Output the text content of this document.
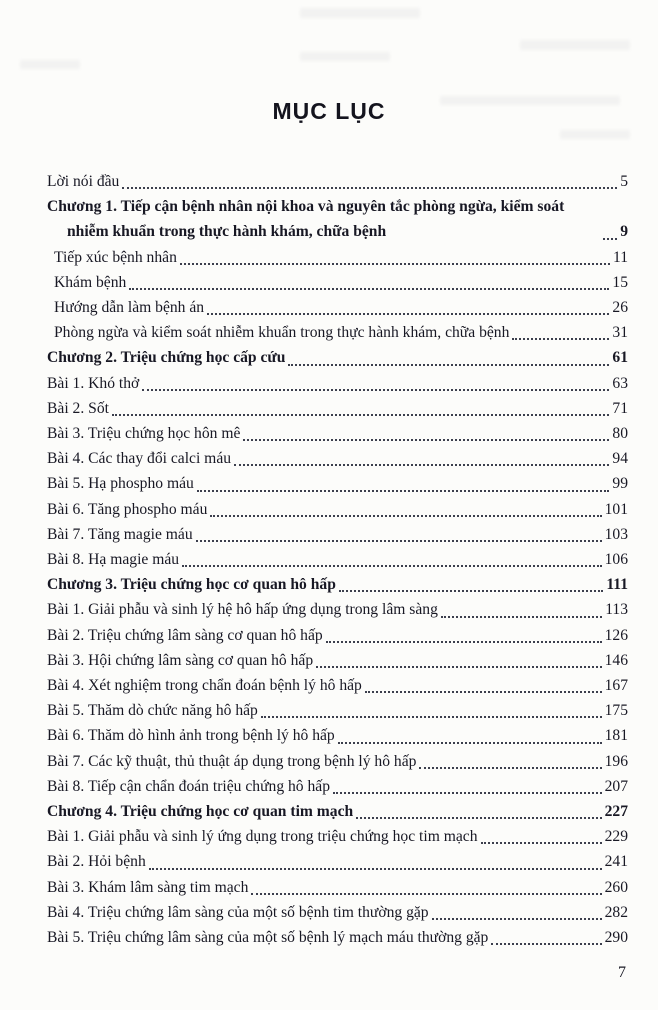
MỤC LỤC
Lời nói đầu	5
Chương 1. Tiếp cận bệnh nhân nội khoa và nguyên tắc phòng ngừa, kiểm soát nhiễm khuẩn trong thực hành khám, chữa bệnh	9
Tiếp xúc bệnh nhân	11
Khám bệnh	15
Hướng dẫn làm bệnh án	26
Phòng ngừa và kiểm soát nhiễm khuẩn trong thực hành khám, chữa bệnh	31
Chương 2. Triệu chứng học cấp cứu	61
Bài 1. Khó thở	63
Bài 2. Sốt	71
Bài 3. Triệu chứng học hôn mê	80
Bài 4. Các thay đổi calci máu	94
Bài 5. Hạ phospho máu	99
Bài 6. Tăng phospho máu	101
Bài 7. Tăng magie máu	103
Bài 8. Hạ magie máu	106
Chương 3. Triệu chứng học cơ quan hô hấp	111
Bài 1. Giải phẫu và sinh lý hệ hô hấp ứng dụng trong lâm sàng	113
Bài 2. Triệu chứng lâm sàng cơ quan hô hấp	126
Bài 3. Hội chứng lâm sàng cơ quan hô hấp	146
Bài 4. Xét nghiệm trong chẩn đoán bệnh lý hô hấp	167
Bài 5. Thăm dò chức năng hô hấp	175
Bài 6. Thăm dò hình ảnh trong bệnh lý hô hấp	181
Bài 7. Các kỹ thuật, thủ thuật áp dụng trong bệnh lý hô hấp	196
Bài 8. Tiếp cận chẩn đoán triệu chứng hô hấp	207
Chương 4. Triệu chứng học cơ quan tim mạch	227
Bài 1. Giải phẫu và sinh lý ứng dụng trong triệu chứng học tim mạch	229
Bài 2. Hỏi bệnh	241
Bài 3. Khám lâm sàng tim mạch	260
Bài 4. Triệu chứng lâm sàng của một số bệnh tim thường gặp	282
Bài 5. Triệu chứng lâm sàng của một số bệnh lý mạch máu thường gặp	290
7
